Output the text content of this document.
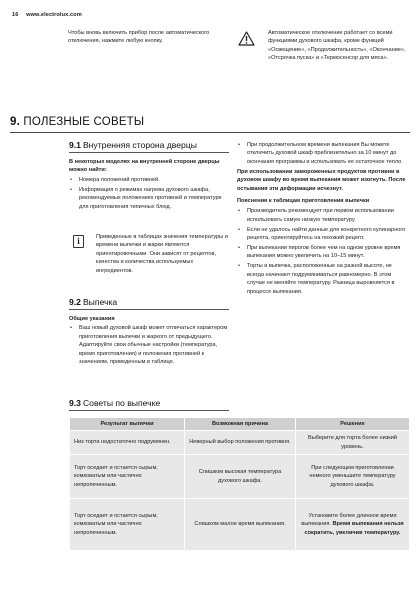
16 www.electrolux.com
Чтобы вновь включить прибор после автоматического отключения, нажмите любую кнопку.
Автоматическое отключение работает со всеми функциями духового шкафа, кроме функций «Освещение», «Продолжительность», «Окончание», «Отсрочка пуска» и «Термосенсор для мяса».
9. ПОЛЕЗНЫЕ СОВЕТЫ
9.1 Внутренняя сторона дверцы
В некоторых моделях на внутренней стороне дверцы можно найти:
• Номера положений противней.
• Информация о режимах нагрева духового шкафа, рекомендуемых положениях противней и температуре для приготовления типичных блюд.
i	Приведенные в таблицах значения температуры и времени выпечки и жарки являются ориентировочными. Они зависят от рецептов, качества и количества используемых ингредиентов.
9.2 Выпечка
Общие указания
• Ваш новый духовой шкаф может отличаться характером приготовления выпечки и жаркого от предыдущего. Адаптируйте свои обычные настройки (температура, время приготовления) и положения противней к значениям, приведенным в таблице.
• При продолжительном времени выпекания Вы можете отключить духовой шкаф приблизительно за 10 минут до окончания программы и использовать ее остаточное тепло.
При использовании замороженных продуктов противни в духовом шкафу во время выпекания может изогнуть. После остывания эти деформации исчезнут.
Пояснения к таблицам приготовления выпечки
• Производитель рекомендует при первом использовании использовать самую низкую температуру.
• Если не удалось найти данные для конкретного кулинарного рецепта, ориентируйтесь на похожий рецепт.
• При выпекании пирогов более чем на одном уровне время выпекания можно увеличить на 10–15 минут.
• Торты и выпечка, расположенные на разной высоте, не всегда начинают подрумяниваться равномерно. В этом случае не меняйте температуру. Разница выровняется в процессе выпекания.
9.3 Советы по выпечке
Результат выпечки	Возможная причина	Решение
Низ торта недостаточно подрумянен.	Неверный выбор положения противня.	Выберите для торта более низкий уровень.
Торт оседает и остается сырым, комковатым или частично непропеченным.	Слишком высокая температура духового шкафа.	При следующем приготовлении немного уменьшите температуру духового шкафа.
Торт оседает и остается сырым, комковатым или частично непропеченным.	Слишком малое время выпекания.	Установите более длинное время выпекания. Время выпекания нельзя сократить, увеличив температуру.
